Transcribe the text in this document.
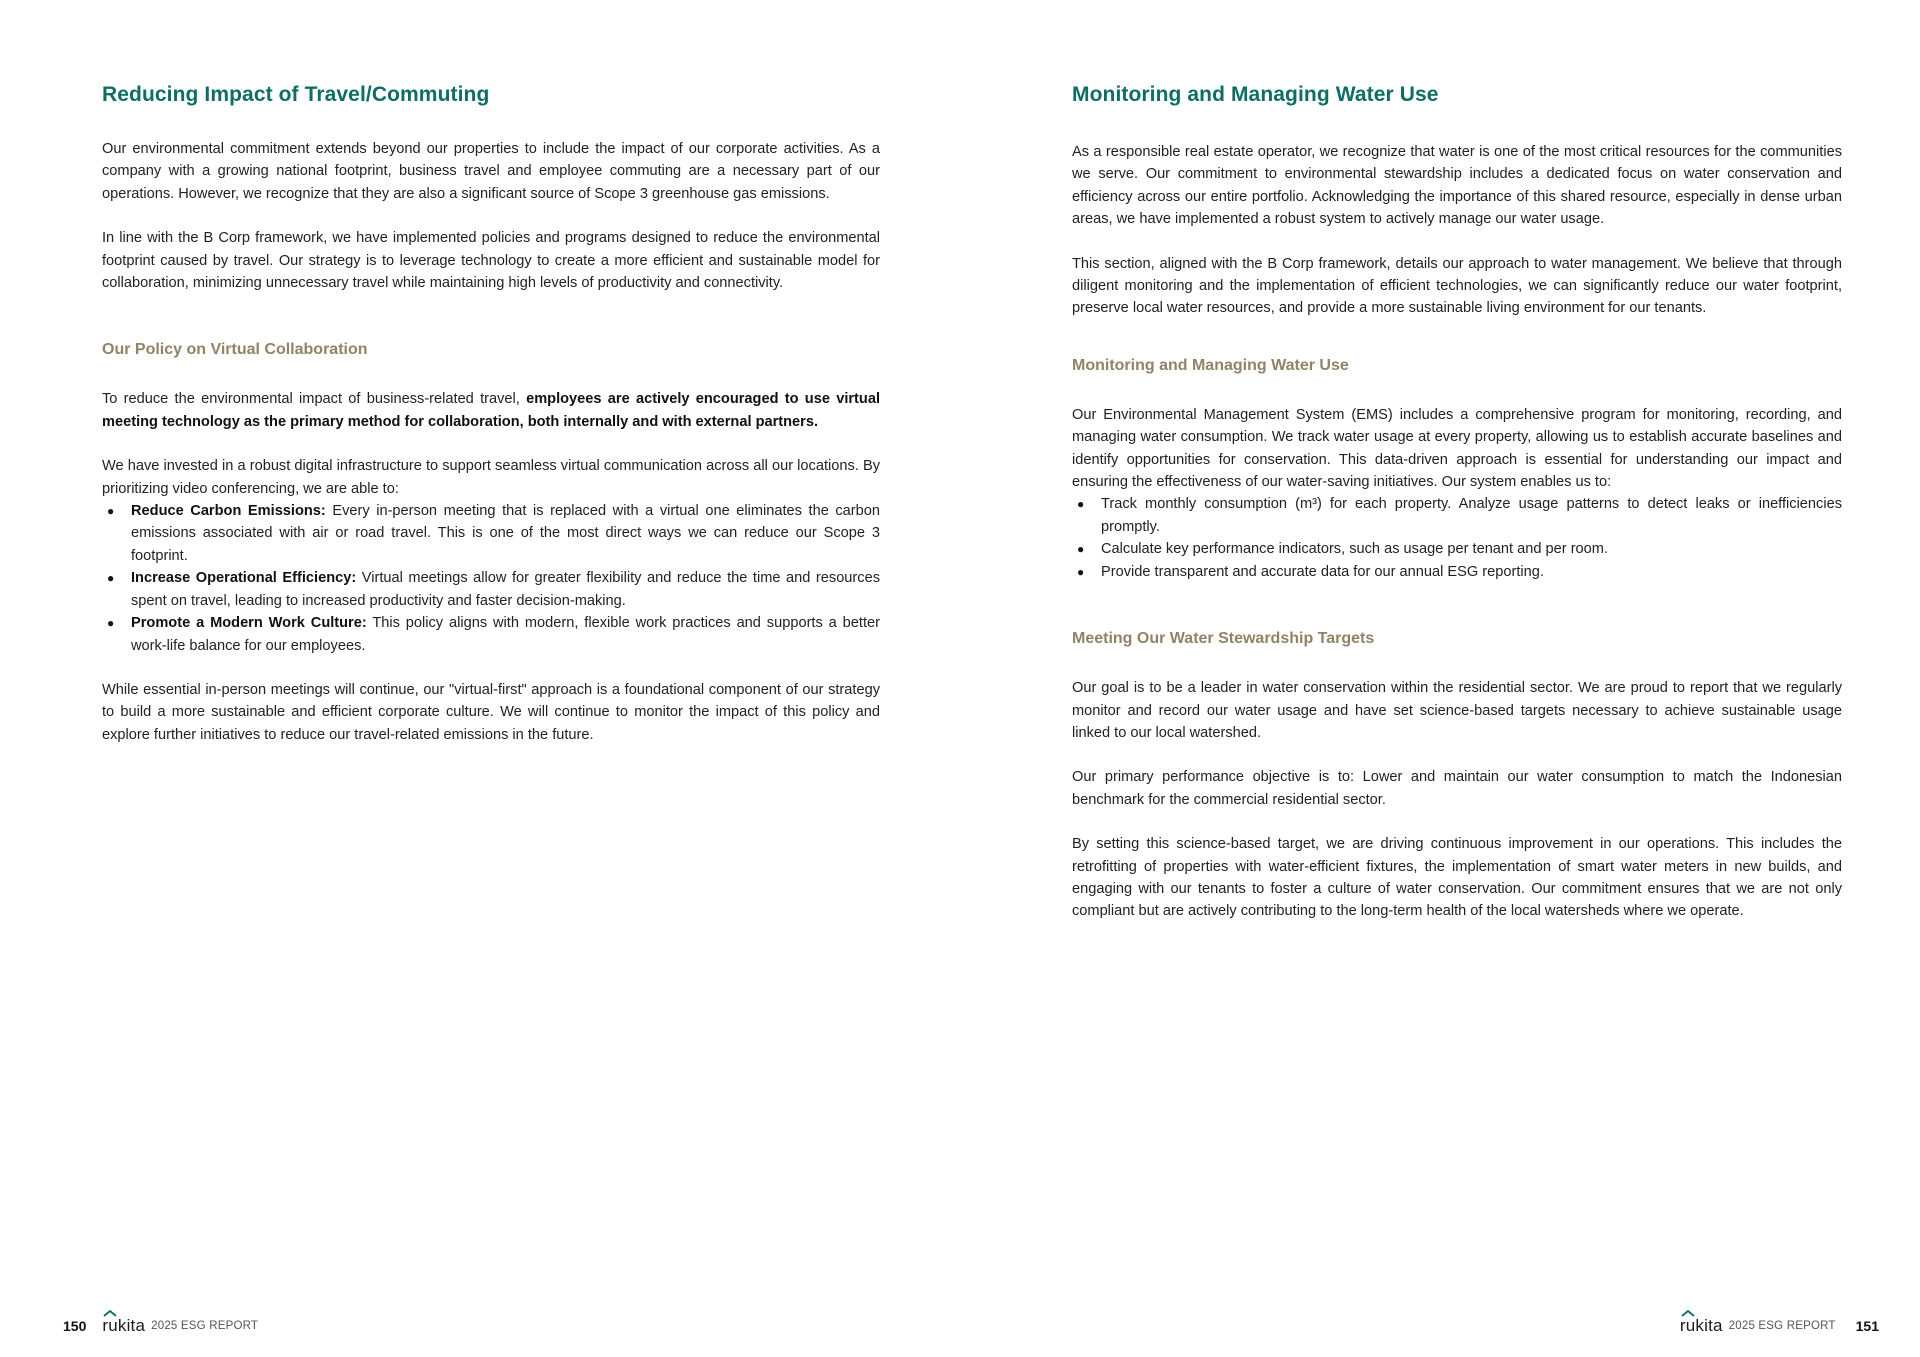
Reducing Impact of Travel/Commuting

Our environmental commitment extends beyond our properties to include the impact of our corporate activities. As a company with a growing national footprint, business travel and employee commuting are a necessary part of our operations. However, we recognize that they are also a significant source of Scope 3 greenhouse gas emissions.

In line with the B Corp framework, we have implemented policies and programs designed to reduce the environmental footprint caused by travel. Our strategy is to leverage technology to create a more efficient and sustainable model for collaboration, minimizing unnecessary travel while maintaining high levels of productivity and connectivity.

Our Policy on Virtual Collaboration

To reduce the environmental impact of business-related travel, employees are actively encouraged to use virtual meeting technology as the primary method for collaboration, both internally and with external partners.

We have invested in a robust digital infrastructure to support seamless virtual communication across all our locations. By prioritizing video conferencing, we are able to:

● Reduce Carbon Emissions: Every in-person meeting that is replaced with a virtual one eliminates the carbon emissions associated with air or road travel. This is one of the most direct ways we can reduce our Scope 3 footprint.
● Increase Operational Efficiency: Virtual meetings allow for greater flexibility and reduce the time and resources spent on travel, leading to increased productivity and faster decision-making.
● Promote a Modern Work Culture: This policy aligns with modern, flexible work practices and supports a better work-life balance for our employees.

While essential in-person meetings will continue, our "virtual-first" approach is a foundational component of our strategy to build a more sustainable and efficient corporate culture. We will continue to monitor the impact of this policy and explore further initiatives to reduce our travel-related emissions in the future.

150 rukita 2025 ESG REPORT
Monitoring and Managing Water Use

As a responsible real estate operator, we recognize that water is one of the most critical resources for the communities we serve. Our commitment to environmental stewardship includes a dedicated focus on water conservation and efficiency across our entire portfolio. Acknowledging the importance of this shared resource, especially in dense urban areas, we have implemented a robust system to actively manage our water usage.

This section, aligned with the B Corp framework, details our approach to water management. We believe that through diligent monitoring and the implementation of efficient technologies, we can significantly reduce our water footprint, preserve local water resources, and provide a more sustainable living environment for our tenants.

Monitoring and Managing Water Use

Our Environmental Management System (EMS) includes a comprehensive program for monitoring, recording, and managing water consumption. We track water usage at every property, allowing us to establish accurate baselines and identify opportunities for conservation. This data-driven approach is essential for understanding our impact and ensuring the effectiveness of our water-saving initiatives. Our system enables us to:

● Track monthly consumption (m³) for each property. Analyze usage patterns to detect leaks or inefficiencies promptly.
● Calculate key performance indicators, such as usage per tenant and per room.
● Provide transparent and accurate data for our annual ESG reporting.
Meeting Our Water Stewardship Targets

Our goal is to be a leader in water conservation within the residential sector. We are proud to report that we regularly monitor and record our water usage and have set science-based targets necessary to achieve sustainable usage linked to our local watershed.

Our primary performance objective is to: Lower and maintain our water consumption to match the Indonesian benchmark for the commercial residential sector.

By setting this science-based target, we are driving continuous improvement in our operations. This includes the retrofitting of properties with water-efficient fixtures, the implementation of smart water meters in new builds, and engaging with our tenants to foster a culture of water conservation. Our commitment ensures that we are not only compliant but are actively contributing to the long-term health of the local watersheds where we operate.

rukita 2025 ESG REPORT 151
